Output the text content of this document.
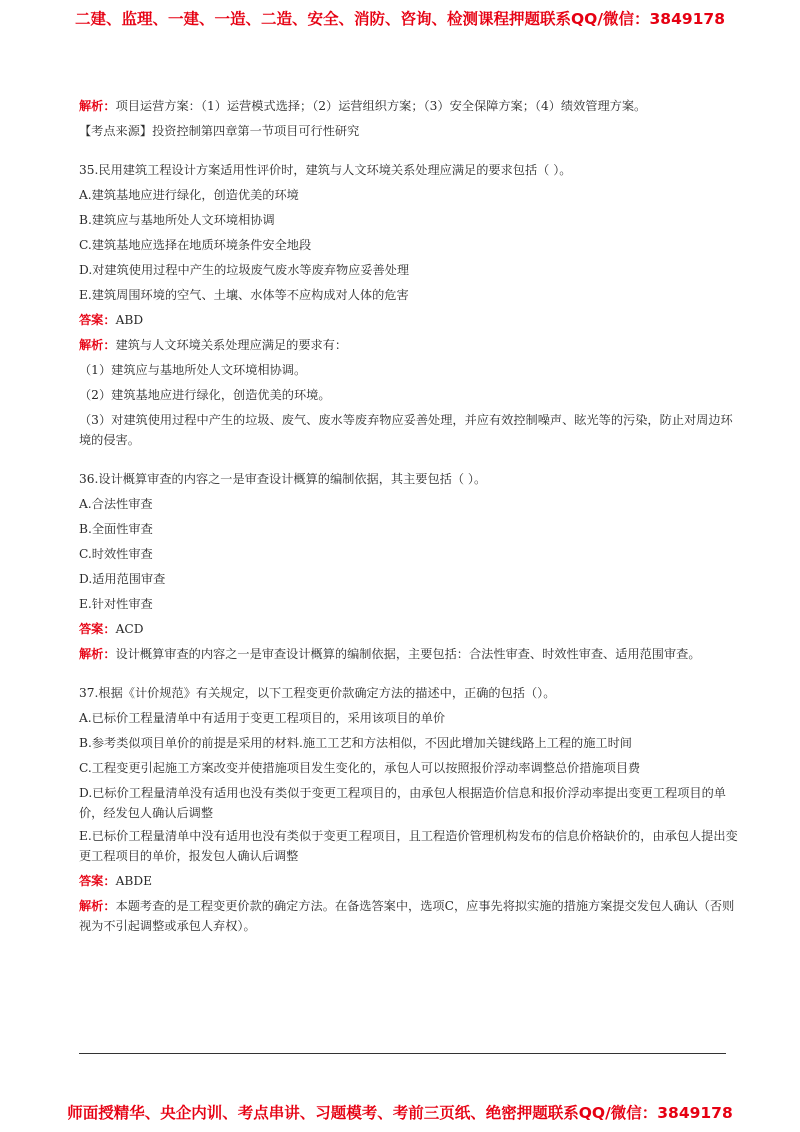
二建、监理、一建、一造、二造、安全、消防、咨询、检测课程押题联系QQ/微信：3849178
解析：项目运营方案：（1）运营模式选择；（2）运营组织方案；（3）安全保障方案；（4）绩效管理方案。
【考点来源】投资控制第四章第一节项目可行性研究
35.民用建筑工程设计方案适用性评价时，建筑与人文环境关系处理应满足的要求包括（ ）。
A.建筑基地应进行绿化，创造优美的环境
B.建筑应与基地所处人文环境相协调
C.建筑基地应选择在地质环境条件安全地段
D.对建筑使用过程中产生的垃圾废气废水等废弃物应妥善处理
E.建筑周围环境的空气、土壤、水体等不应构成对人体的危害
答案：ABD
解析：建筑与人文环境关系处理应满足的要求有：
（1）建筑应与基地所处人文环境相协调。
（2）建筑基地应进行绿化，创造优美的环境。
（3）对建筑使用过程中产生的垃圾、废气、废水等废弃物应妥善处理，并应有效控制噪声、眩光等的污染，防止对周边环境的侵害。
36.设计概算审查的内容之一是审查设计概算的编制依据，其主要包括（ ）。
A.合法性审查
B.全面性审查
C.时效性审查
D.适用范围审查
E.针对性审查
答案：ACD
解析：设计概算审查的内容之一是审查设计概算的编制依据，主要包括：合法性审查、时效性审查、适用范围审查。
37.根据《计价规范》有关规定，以下工程变更价款确定方法的描述中，正确的包括（）。
A.已标价工程量清单中有适用于变更工程项目的，采用该项目的单价
B.参考类似项目单价的前提是采用的材料.施工工艺和方法相似，不因此增加关键线路上工程的施工时间
C.工程变更引起施工方案改变并使措施项目发生变化的，承包人可以按照报价浮动率调整总价措施项目费
D.已标价工程量清单没有适用也没有类似于变更工程项目的，由承包人根据造价信息和报价浮动率提出变更工程项目的单价，经发包人确认后调整
E.已标价工程量清单中没有适用也没有类似于变更工程项目，且工程造价管理机构发布的信息价格缺价的，由承包人提出变更工程项目的单价，报发包人确认后调整
答案：ABDE
解析：本题考查的是工程变更价款的确定方法。在备选答案中，选项C，应事先将拟实施的措施方案提交发包人确认（否则视为不引起调整或承包人弃权）。
师面授精华、央企内训、考点串讲、习题模考、考前三页纸、绝密押题联系QQ/微信：3849178
